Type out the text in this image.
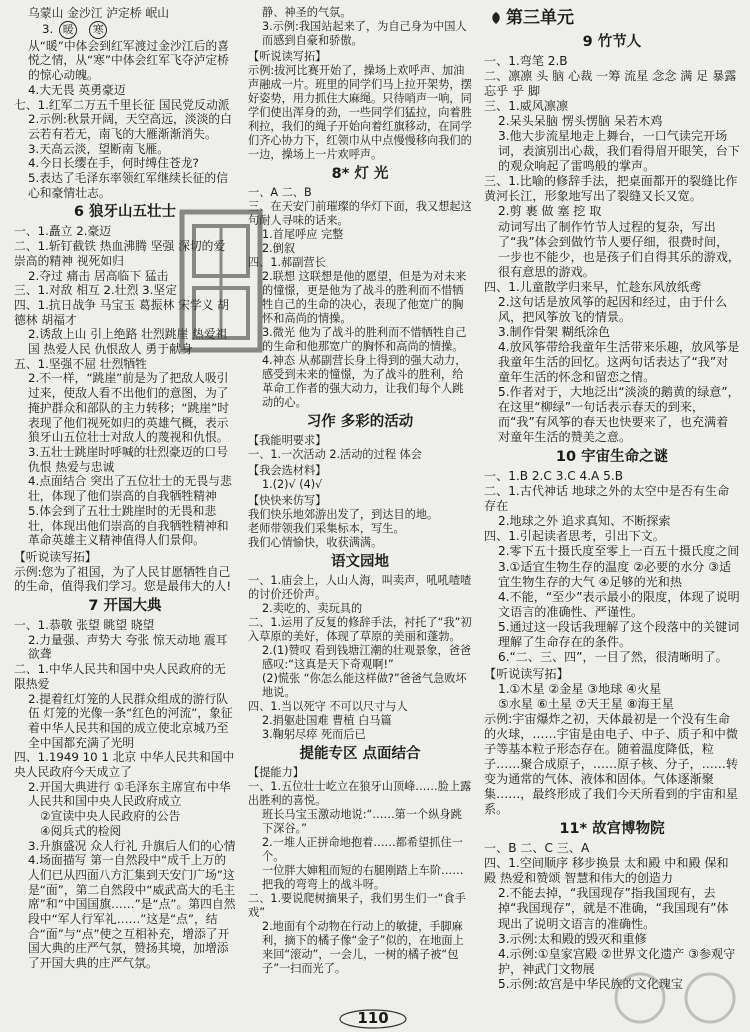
乌蒙山 金沙江 泸定桥 岷山
3. 暖 寒
从“暖”中体会到红军渡过金沙江后的喜悦之情，从“寒”中体会红军飞夺泸定桥的惊心动魄。
4.大无畏 英勇豪迈
七、1.红军二万五千里长征 国民党反动派
2.示例:秋景开阔，天空高远，淡淡的白云若有若无，南飞的大雁渐渐消失。
3.天高云淡，望断南飞雁。
4.今日长缨在手，何时缚住苍龙?
5.表达了毛泽东率领红军继续长征的信心和豪情壮志。
6 狼牙山五壮士
一、1.矗立 2.豪迈
二、1.斩钉截铁 热血沸腾 坚强 深切的爱 崇高的精神 视死如归
2.夺过 痛击 居高临下 猛击
三、1.对敌 相互 2.壮烈 3.坚定
四、1.抗日战争 马宝玉 葛振林 宋学义 胡德林 胡福才
2.诱敌上山 引上绝路 壮烈跳崖 热爱祖国 热爱人民 仇恨敌人 勇于献身
五、1.坚强不屈 壮烈牺牲
2.不一样，“跳崖”前是为了把敌人吸引过来，使敌人看不出他们的意图，为了掩护群众和部队的主力转移；“跳崖”时表现了他们视死如归的英雄气概，表示狼牙山五位壮士对敌人的蔑视和仇恨。
3.五壮士跳崖时呼喊的壮烈豪迈的口号 仇恨 热爱与忠诚
4.点面结合 突出了五位壮士的无畏与悲壮，体现了他们崇高的自我牺牲精神
5.体会到了五壮士跳崖时的无畏和悲壮，体现出他们崇高的自我牺牲精神和革命英雄主义精神值得人们景仰。
【听说读写拓】
示例:您为了祖国，为了人民甘愿牺牲自己的生命，值得我们学习。您是最伟大的人!
7 开国大典
一、1.恭敬 张望 眺望 晓望
2.力量强、声势大 夸张 惊天动地 震耳欲聋
二、1.中华人民共和国中央人民政府的无限热爱
2.提着红灯笼的人民群众组成的游行队伍 灯笼的光像一条“红色的河流”，象征着中华人民共和国的成立使北京城乃至全中国都充满了光明
四、1.1949 10 1 北京 中华人民共和国中央人民政府今天成立了
2.开国大典进行 ①毛泽东主席宣布中华人民共和国中央人民政府成立
②宣读中央人民政府的公告
④阅兵式的检阅
3.升旗盛况 众人行礼 升旗后人们的心情
4.场面描写 第一自然段中“成千上万的人们已从四面八方汇集到天安门广场”这是“面”，第二自然段中“威武高大的毛主席”和“中国国旗……”是“点”。第四自然段中“军人行军礼……”这是“点”，结合“面”与“点”使之互相补充，增添了开国大典的庄严气氛，赞扬其境，加增添了开国大典的庄严气氛。
静、神圣的气氛。
3.示例:我国站起来了，为自己身为中国人而感到自豪和骄傲。
【听说读写拓】
示例:拔河比赛开始了，操场上欢呼声、加油声融成一片。班里的同学们马上拉开架势，摆好姿势，用力抓住大麻绳。只待哨声一响，同学们使出浑身的劲，一些同学们猛拉，向着胜利拉，我们的绳子开始向着红旗移动，在同学们齐心协力下，红领巾从中点慢慢移向我们的一边，操场上一片欢呼声。
8* 灯 光
一、A 二、B
三、在天安门前璀璨的华灯下面，我又想起这句耐人寻味的话来。
1.首尾呼应 完整
2.倒叙
四、1.郝副营长
2.联想 这联想是他的愿望，但是为对未来的憧憬，更是他为了战斗的胜利而不惜牺牲自己的生命的决心，表现了他宽广的胸怀和高尚的情操。
3.微光 他为了战斗的胜利而不惜牺牲自己的生命和他那宽广的胸怀和高尚的情操。
4.神态 从郝副营长身上得到的强大动力，感受到未来的憧憬，为了战斗的胜利，给革命工作者的强大动力，让我们每个人跳动的心。
习作 多彩的活动
【我能明要求】
一、1.一次活动 2.活动的过程 体会
【我会选材料】
1.(2)√ (4)√
【快快来仿写】
我们快乐地郊游出发了，到达目的地。
老师带领我们采集标本，写生。
我们心情愉快，收获满满。
语文园地
一、1.庙会上，人山人海，叫卖声，吼吼喳喳的讨价还价声。
2.卖吃的、卖玩具的
二、1.运用了反复的修辞手法，衬托了“我”初入草原的美好，体现了草原的美丽和蓬勃。
2.(1)赞叹 看到钱塘江潮的壮观景象，爸爸感叹:“这真是天下奇观啊!”
(2)慌张 “你怎么能这样做?”爸爸气急败坏地说。
四、1.当以死守 不可以尺寸与人
2.捐躯赴国难 曹植 白马篇
3.鞠躬尽瘁 死而后已
提能专区 点面结合
【提能力】
一、1.五位壮士屹立在狼牙山顶峰……脸上露出胜利的喜悦。
班长马宝玉激动地说:“……第一个纵身跳下深谷。”
2.一堆人正拼命地抱着……都希望抓住一个。
一位胖大婶粗而短的右腿刚踏上车阶……把我的弯弯上的战斗呀。
二、1.要说爬树摘果子，我们男生们一“食手戏”
2.地面有个动物在行动上的敏捷，手脚麻利，摘下的橘子像“金子”似的，在地面上来回“滚动”，一会儿，一树的橘子被“包子”一扫而光了。
第三单元
9 竹节人
一、1.弯笔 2.B
二、凛凛 头 脑 心裁 一筹 流星 念念 满 足 暴露 忘乎 乎 脚
三、1.威风凛凛
2.呆头呆脑 愣头愣脑 呆若木鸡
3.他大步流星地走上舞台，一口气读完开场词，表演别出心裁，我们看得眉开眼笑，台下的观众响起了雷鸣般的掌声。
三、1.比喻的修辞手法，把桌面都开的裂缝比作黄河长江，形象地写出了裂缝又长又宽。
2.剪 裹 做 塞 挖 取
动词写出了制作竹节人过程的复杂，写出了“我”体会到做竹节人要仔细，很费时间，一步也不能少，也是孩子们自得其乐的游戏，很有意思的游戏。
四、1.儿童散学归来早，忙趁东风放纸鸢
2.这句话是放风筝的起因和经过，由于什么风，把风筝放飞的情景。
3.制作骨架 糊纸涂色
4.放风筝带给我童年生活带来乐趣，放风筝是我童年生活的回忆。这两句话表达了“我”对童年生活的怀念和留恋之情。
5.作者对于，大地泛出“淡淡的鹅黄的绿意”，在这里“柳绿”一句话表示春天的到来，而“我”有风筝的春天也快要来了，也充满着对童年生活的赞美之意。
10 宇宙生命之谜
一、1.B 2.C 3.C 4.A 5.B
二、1.古代神话 地球之外的太空中是否有生命存在
2.地球之外 追求真知、不断探索
四、1.引起读者思考，引出下文。
2.零下五十摄氏度至零上一百五十摄氏度之间
3.①适宜生物生存的温度 ②必要的水分 ③适宜生物生存的大气 ④足够的光和热
4.不能，“至少”表示最小的限度，体现了说明文语言的准确性、严谨性。
5.通过这一段话我理解了这个段落中的关键词理解了生命存在的条件。
6.“二、三、四”，一目了然，很清晰明了。
【听说读写拓】
1.①木星 ②金星 ③地球 ④火星
⑤水星 ⑥土星 ⑦天王星 ⑧海王星
示例:宇宙爆炸之初，天体最初是一个没有生命的火球，……宇宙是由电子、中子、质子和中微子等基本粒子形态存在。随着温度降低，粒子……聚合成原子，……原子核、分子，……转变为通常的气体、液体和固体。气体逐渐聚集……，最终形成了我们今天所看到的宇宙和星系。
11* 故宫博物院
一、B 二、C 三、A
四、1.空间顺序 移步换景 太和殿 中和殿 保和殿 热爱和赞颂 智慧和伟大的创造力
2.不能去掉，“我国现存”指我国现有，去掉“我国现存”，就是不准确，“我国现有”体现出了说明文语言的准确性。
3.示例:太和殿的毁灭和重修
4.示例:①皇家宫殿 ②世界文化遗产 ③参观守护，神武门文物展
5.示例:故宫是中华民族的文化瑰宝
110
